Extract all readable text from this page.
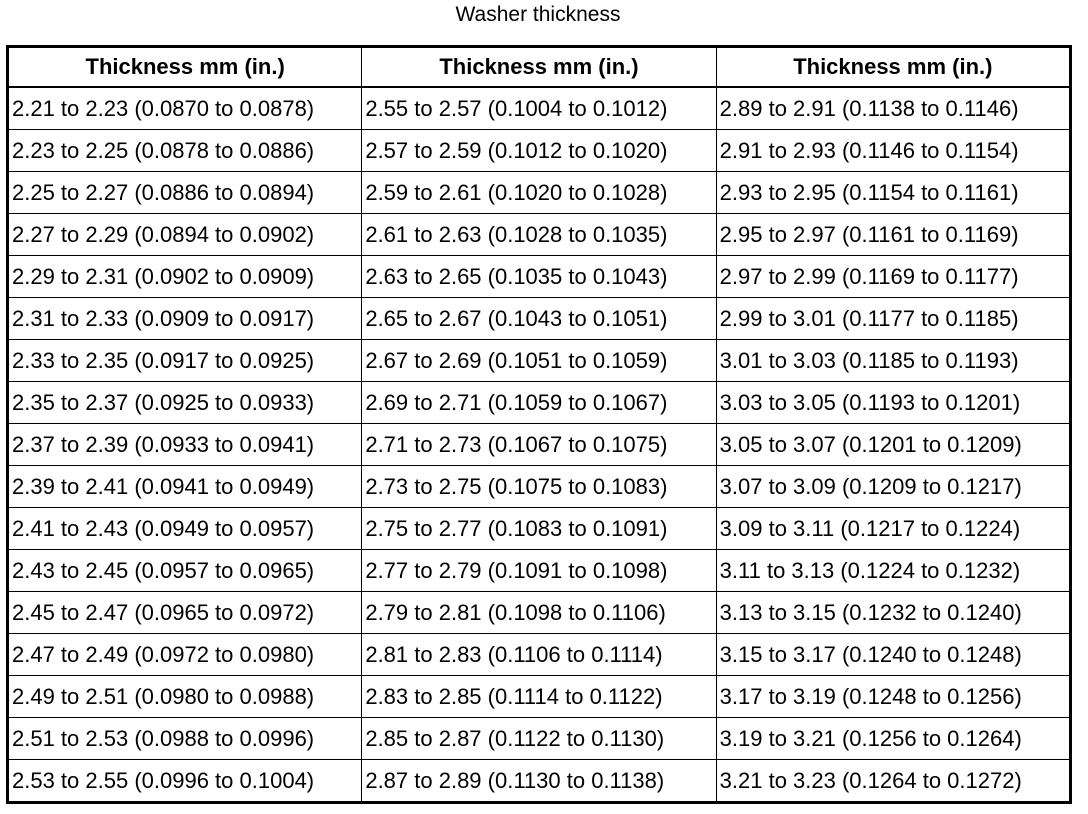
Washer thickness
Thickness mm (in.)	Thickness mm (in.)	Thickness mm (in.)
2.21 to 2.23 (0.0870 to 0.0878)	2.55 to 2.57 (0.1004 to 0.1012)	2.89 to 2.91 (0.1138 to 0.1146)
2.23 to 2.25 (0.0878 to 0.0886)	2.57 to 2.59 (0.1012 to 0.1020)	2.91 to 2.93 (0.1146 to 0.1154)
2.25 to 2.27 (0.0886 to 0.0894)	2.59 to 2.61 (0.1020 to 0.1028)	2.93 to 2.95 (0.1154 to 0.1161)
2.27 to 2.29 (0.0894 to 0.0902)	2.61 to 2.63 (0.1028 to 0.1035)	2.95 to 2.97 (0.1161 to 0.1169)
2.29 to 2.31 (0.0902 to 0.0909)	2.63 to 2.65 (0.1035 to 0.1043)	2.97 to 2.99 (0.1169 to 0.1177)
2.31 to 2.33 (0.0909 to 0.0917)	2.65 to 2.67 (0.1043 to 0.1051)	2.99 to 3.01 (0.1177 to 0.1185)
2.33 to 2.35 (0.0917 to 0.0925)	2.67 to 2.69 (0.1051 to 0.1059)	3.01 to 3.03 (0.1185 to 0.1193)
2.35 to 2.37 (0.0925 to 0.0933)	2.69 to 2.71 (0.1059 to 0.1067)	3.03 to 3.05 (0.1193 to 0.1201)
2.37 to 2.39 (0.0933 to 0.0941)	2.71 to 2.73 (0.1067 to 0.1075)	3.05 to 3.07 (0.1201 to 0.1209)
2.39 to 2.41 (0.0941 to 0.0949)	2.73 to 2.75 (0.1075 to 0.1083)	3.07 to 3.09 (0.1209 to 0.1217)
2.41 to 2.43 (0.0949 to 0.0957)	2.75 to 2.77 (0.1083 to 0.1091)	3.09 to 3.11 (0.1217 to 0.1224)
2.43 to 2.45 (0.0957 to 0.0965)	2.77 to 2.79 (0.1091 to 0.1098)	3.11 to 3.13 (0.1224 to 0.1232)
2.45 to 2.47 (0.0965 to 0.0972)	2.79 to 2.81 (0.1098 to 0.1106)	3.13 to 3.15 (0.1232 to 0.1240)
2.47 to 2.49 (0.0972 to 0.0980)	2.81 to 2.83 (0.1106 to 0.1114)	3.15 to 3.17 (0.1240 to 0.1248)
2.49 to 2.51 (0.0980 to 0.0988)	2.83 to 2.85 (0.1114 to 0.1122)	3.17 to 3.19 (0.1248 to 0.1256)
2.51 to 2.53 (0.0988 to 0.0996)	2.85 to 2.87 (0.1122 to 0.1130)	3.19 to 3.21 (0.1256 to 0.1264)
2.53 to 2.55 (0.0996 to 0.1004)	2.87 to 2.89 (0.1130 to 0.1138)	3.21 to 3.23 (0.1264 to 0.1272)
